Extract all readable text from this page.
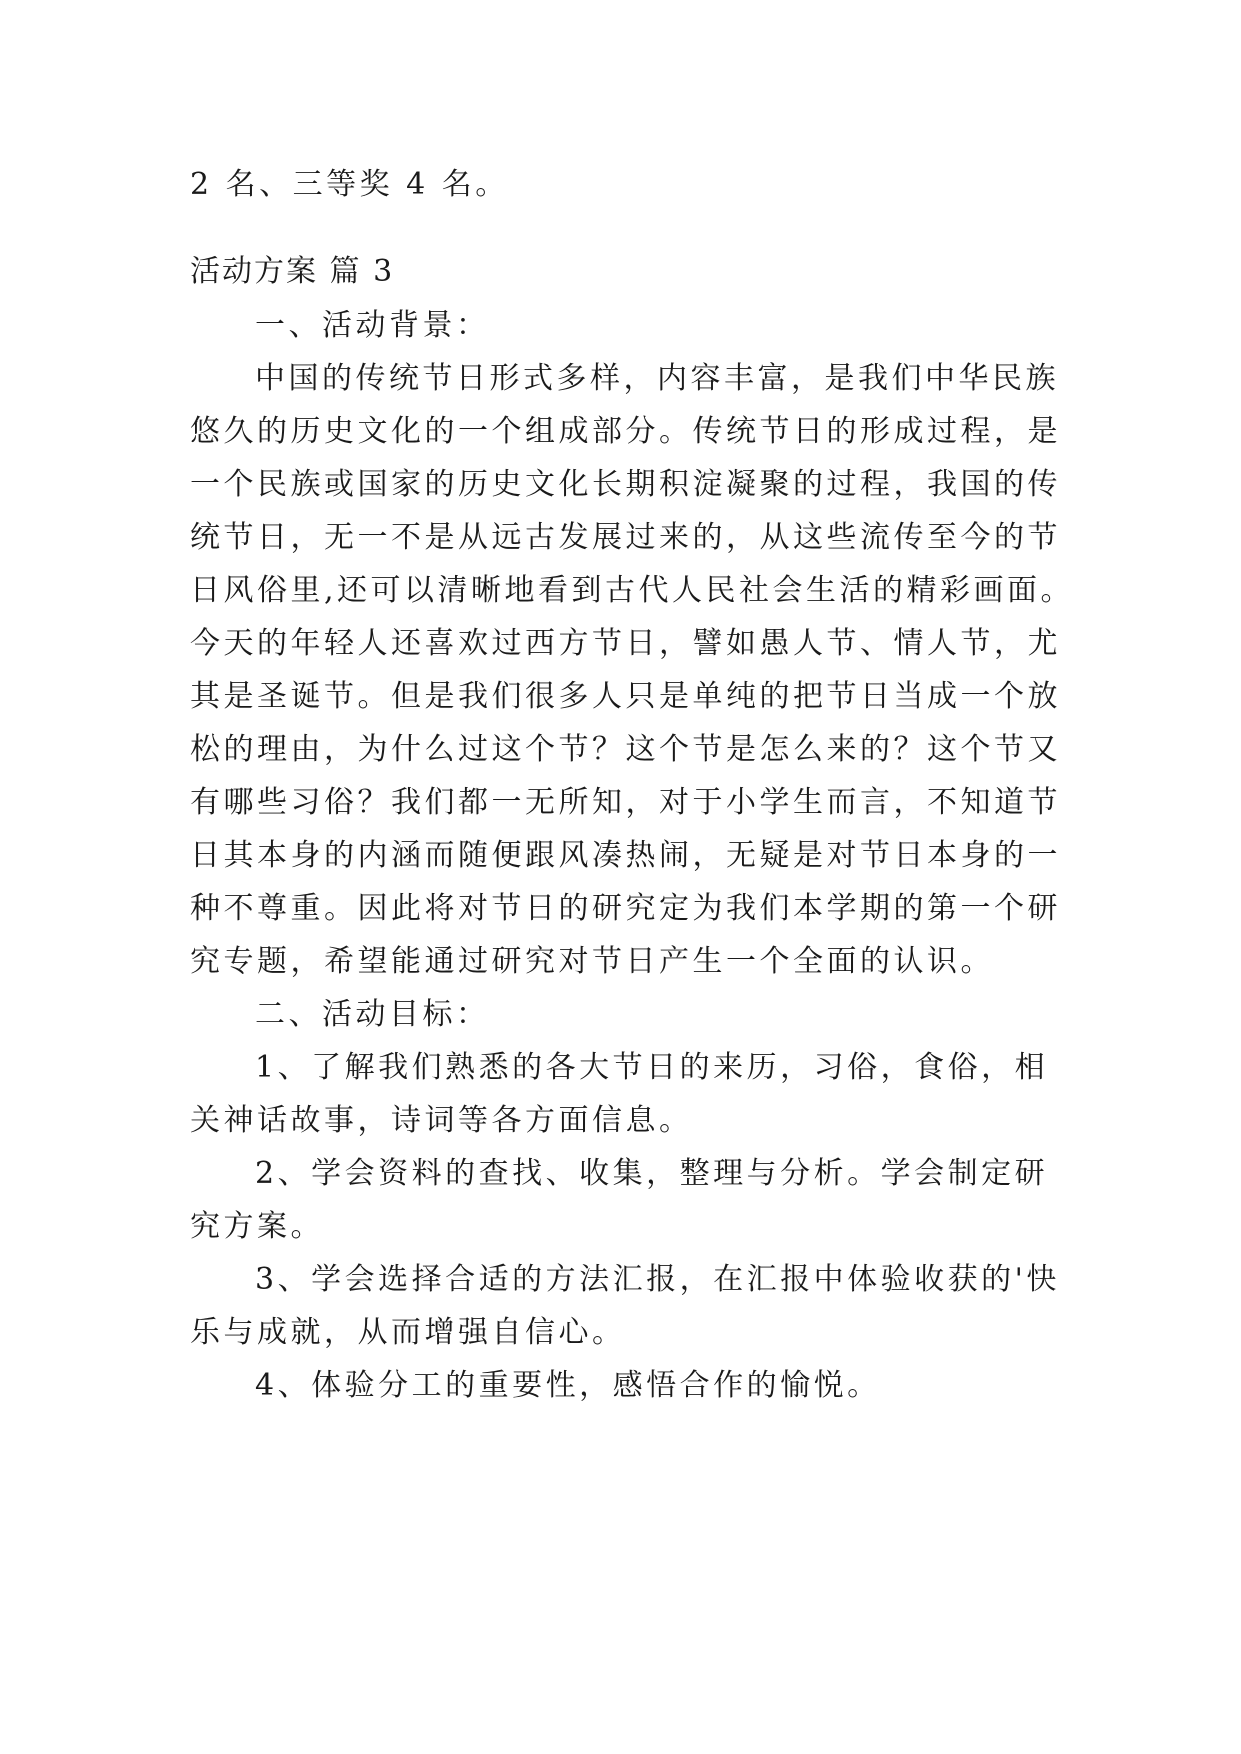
2 名、三等奖 4 名。
活动方案 篇 3
一、活动背景：
中国的传统节日形式多样，内容丰富，是我们中华民族
悠久的历史文化的一个组成部分。传统节日的形成过程，是
一个民族或国家的历史文化长期积淀凝聚的过程，我国的传
统节日，无一不是从远古发展过来的，从这些流传至今的节
日风俗里,还可以清晰地看到古代人民社会生活的精彩画面。
今天的年轻人还喜欢过西方节日，譬如愚人节、情人节，尤
其是圣诞节。但是我们很多人只是单纯的把节日当成一个放
松的理由，为什么过这个节？这个节是怎么来的？这个节又
有哪些习俗？我们都一无所知，对于小学生而言，不知道节
日其本身的内涵而随便跟风凑热闹，无疑是对节日本身的一
种不尊重。因此将对节日的研究定为我们本学期的第一个研
究专题，希望能通过研究对节日产生一个全面的认识。
二、活动目标：
1、了解我们熟悉的各大节日的来历，习俗，食俗，相
关神话故事，诗词等各方面信息。
2、学会资料的查找、收集，整理与分析。学会制定研
究方案。
3、学会选择合适的方法汇报，在汇报中体验收获的'快
乐与成就，从而增强自信心。
4、体验分工的重要性，感悟合作的愉悦。
